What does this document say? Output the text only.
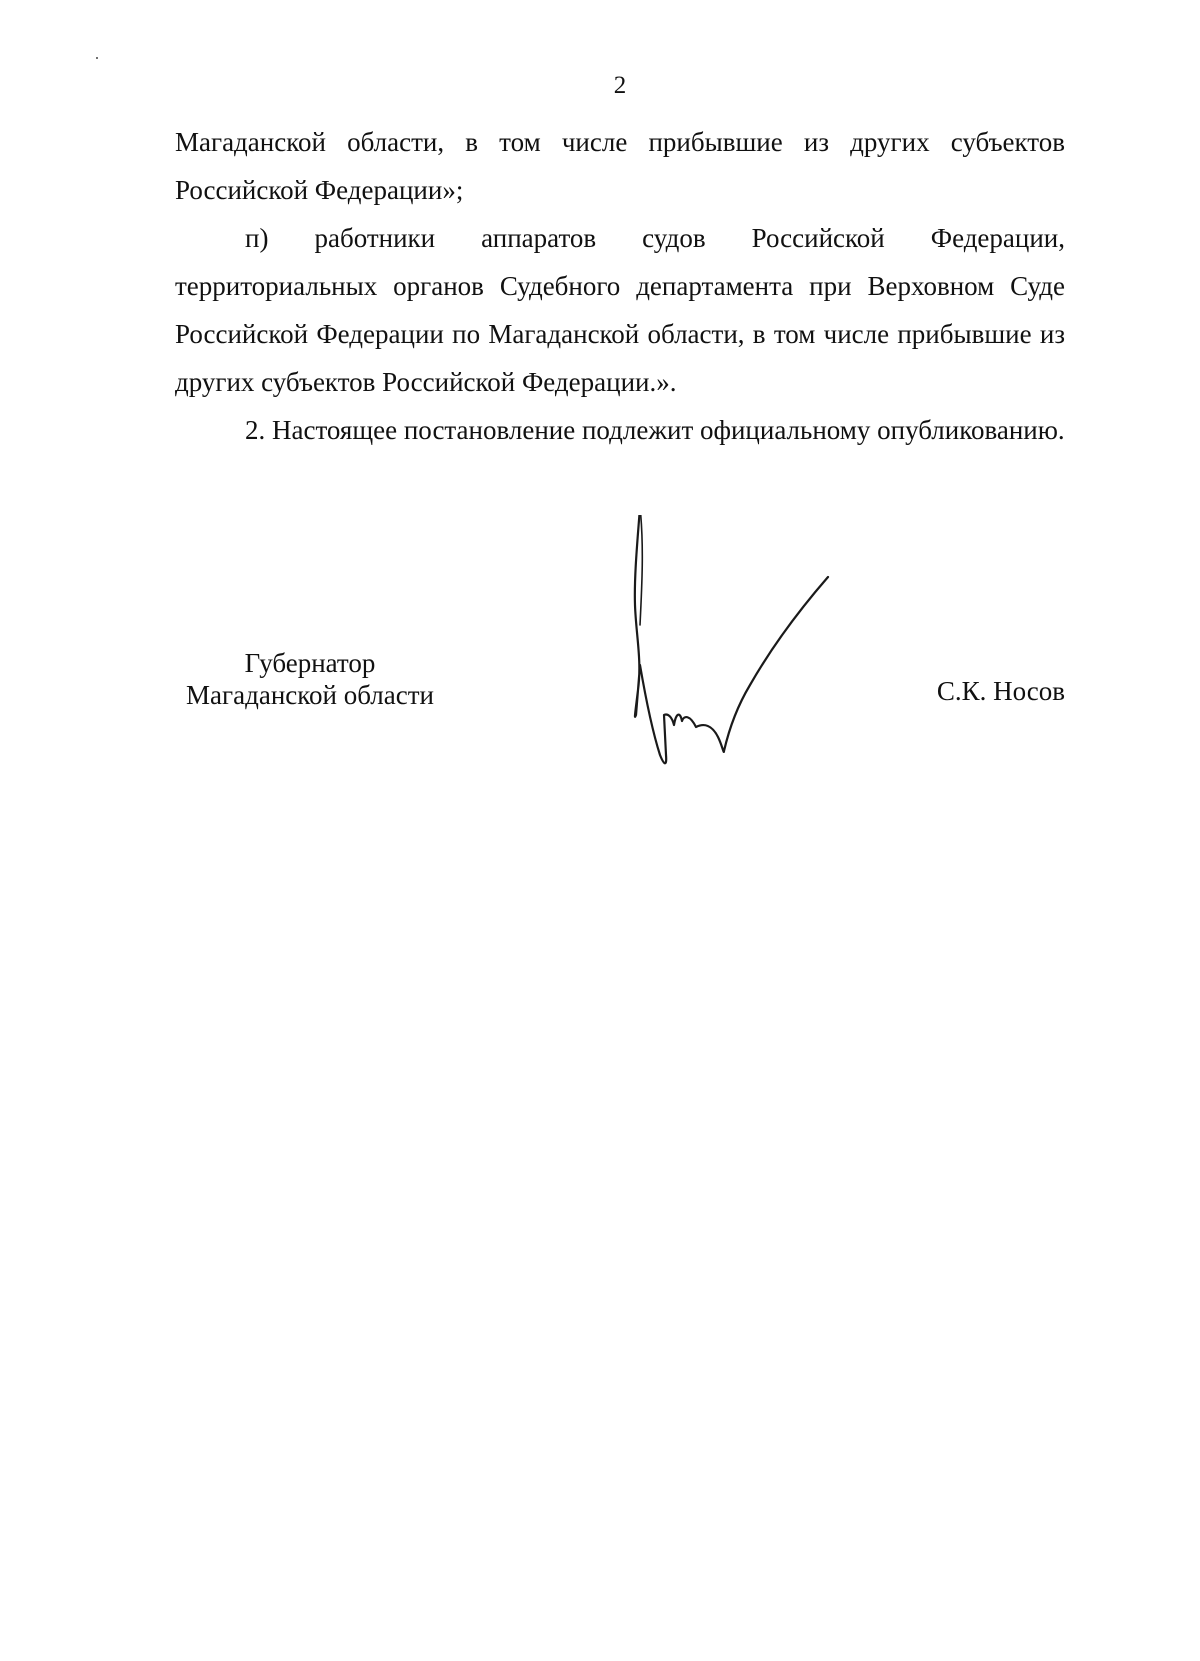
2

Магаданской области, в том числе прибывшие из других субъектов Российской Федерации»;

п) работники аппаратов судов Российской Федерации, территориальных органов Судебного департамента при Верховном Суде Российской Федерации по Магаданской области, в том числе прибывшие из других субъектов Российской Федерации.».

2. Настоящее постановление подлежит официальному опубликованию.

Губернатор
Магаданской области	С.К. Носов
